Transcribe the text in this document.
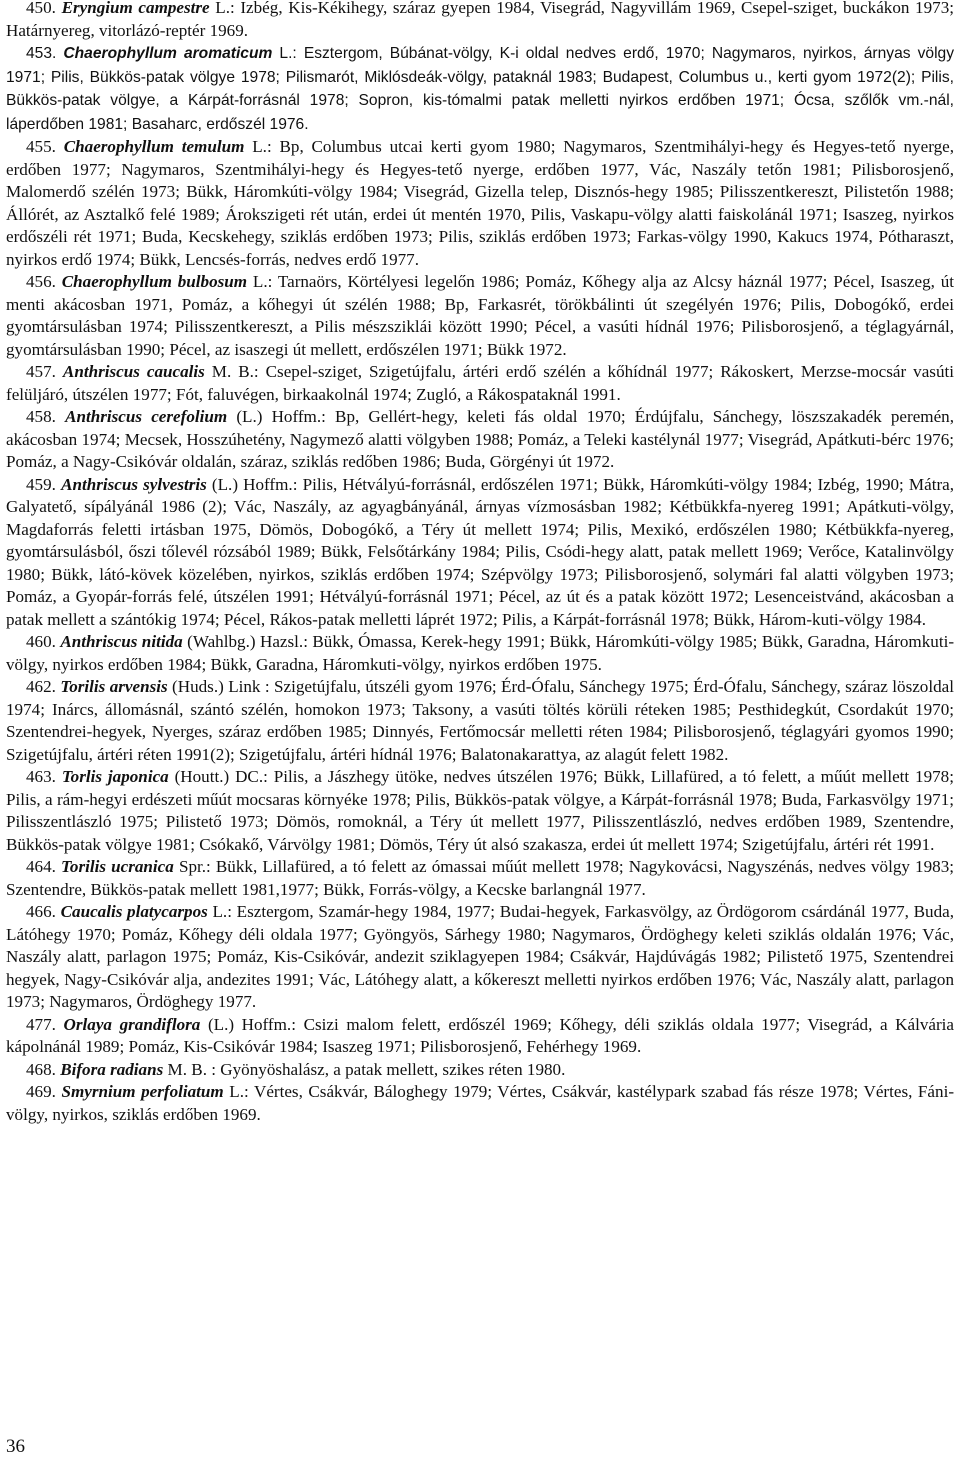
450. Eryngium campestre L.: Izbég, Kis-Kékihegy, száraz gyepen 1984, Visegrád, Nagyvillám 1969, Csepel-sziget, buckákon 1973; Határnyereg, vitorlázó-reptér 1969.

453. Chaerophyllum aromaticum L.: Esztergom, Búbánat-völgy, K-i oldal nedves erdő, 1970; Nagymaros, nyirkos, árnyas völgy 1971; Pilis, Bükkös-patak völgye 1978; Pilismarót, Miklósdeák-völgy, pataknál 1983; Budapest, Columbus u., kerti gyom 1972(2); Pilis, Bükkös-patak völgye, a Kárpát-forrásnál 1978; Sopron, kis-tómalmi patak melletti nyirkos erdőben 1971; Ócsa, szőlők vm.-nál, láperdőben 1981; Basaharc, erdőszél 1976.

455. Chaerophyllum temulum L.: Bp, Columbus utcai kerti gyom 1980; Nagymaros, Szentmihályi-hegy és Hegyes-tető nyerge, erdőben 1977; Nagymaros, Szentmihályi-hegy és Hegyes-tető nyerge, erdőben 1977, Vác, Naszály tetőn 1981; Pilisborosjenő, Malomerdő szélén 1973; Bükk, Háromkúti-völgy 1984; Visegrád, Gizella telep, Disznós-hegy 1985; Pilisszentkereszt, Pilistetőn 1988; Állórét, az Asztalkő felé 1989; Árokszigeti rét után, erdei út mentén 1970, Pilis, Vaskapu-völgy alatti faiskolánál 1971; Isaszeg, nyirkos erdőszéli rét 1971; Buda, Kecskehegy, sziklás erdőben 1973; Pilis, sziklás erdőben 1973; Farkas-völgy 1990, Kakucs 1974, Pótharaszt, nyirkos erdő 1974; Bükk, Lencsés-forrás, nedves erdő 1977.

456. Chaerophyllum bulbosum L.: Tarnaörs, Körtélyesi legelőn 1986; Pomáz, Kőhegy alja az Alcsy háznál 1977; Pécel, Isaszeg, út menti akácosban 1971, Pomáz, a kőhegyi út szélén 1988; Bp, Farkasrét, törökbálinti út szegélyén 1976; Pilis, Dobogókő, erdei gyomtársulásban 1974; Pilisszentkereszt, a Pilis mészsziklái között 1990; Pécel, a vasúti hídnál 1976; Pilisborosjenő, a téglagyárnál, gyomtársulásban 1990; Pécel, az isaszegi út mellett, erdőszélen 1971; Bükk 1972.

457. Anthriscus caucalis M. B.: Csepel-sziget, Szigetújfalu, ártéri erdő szélén a kőhídnál 1977; Rákoskert, Merzse-mocsár vasúti felüljáró, útszélen 1977; Fót, faluvégen, birkaakolnál 1974; Zugló, a Rákospataknál 1991.

458. Anthriscus cerefolium (L.) Hoffm.: Bp, Gellért-hegy, keleti fás oldal 1970; Érdújfalu, Sánchegy, löszszakadék peremén, akácosban 1974; Mecsek, Hosszúhetény, Nagymező alatti völgyben 1988; Pomáz, a Teleki kastélynál 1977; Visegrád, Apátkuti-bérc 1976; Pomáz, a Nagy-Csikóvár oldalán, száraz, sziklás redőben 1986; Buda, Görgényi út 1972.

459. Anthriscus sylvestris (L.) Hoffm.: Pilis, Hétvályú-forrásnál, erdőszélen 1971; Bükk, Háromkúti-völgy 1984; Izbég, 1990; Mátra, Galyatető, sípályánál 1986 (2); Vác, Naszály, az agyagbányánál, árnyas vízmosásban 1982; Kétbükkfa-nyereg 1991; Apátkuti-völgy, Magdaforrás feletti irtásban 1975, Dömös, Dobogókő, a Téry út mellett 1974; Pilis, Mexikó, erdőszélen 1980; Kétbükkfa-nyereg, gyomtársulásból, őszi tőlevél rózsából 1989; Bükk, Felsőtárkány 1984; Pilis, Csódi-hegy alatt, patak mellett 1969; Verőce, Katalinvölgy 1980; Bükk, látó-kövek közelében, nyirkos, sziklás erdőben 1974; Szépvölgy 1973; Pilisborosjenő, solymári fal alatti völgyben 1973; Pomáz, a Gyopár-forrás felé, útszélen 1991; Hétvályú-forrásnál 1971; Pécel, az út és a patak között 1972; Lesenceistvánd, akácosban a patak mellett a szántókig 1974; Pécel, Rákos-patak melletti láprét 1972; Pilis, a Kárpát-forrásnál 1978; Bükk, Három-kuti-völgy 1984.

460. Anthriscus nitida (Wahlbg.) Hazsl.: Bükk, Ómassa, Kerek-hegy 1991; Bükk, Háromkúti-völgy 1985; Bükk, Garadna, Háromkuti-völgy, nyirkos erdőben 1984; Bükk, Garadna, Háromkuti-völgy, nyirkos erdőben 1975.

462. Torilis arvensis (Huds.) Link : Szigetújfalu, útszéli gyom 1976; Érd-Ófalu, Sánchegy 1975; Érd-Ófalu, Sánchegy, száraz löszoldal 1974; Inárcs, állomásnál, szántó szélén, homokon 1973; Taksony, a vasúti töltés körüli réteken 1985; Pesthidegkút, Csordakút 1970; Szentendrei-hegyek, Nyerges, száraz erdőben 1985; Dinnyés, Fertőmocsár melletti réten 1984; Pilisborosjenő, téglagyári gyomos 1990; Szigetújfalu, ártéri réten 1991(2); Szigetújfalu, ártéri hídnál 1976; Balatonakarattya, az alagút felett 1982.

463. Torlis japonica (Houtt.) DC.: Pilis, a Jászhegy ütöke, nedves útszélen 1976; Bükk, Lillafüred, a tó felett, a műút mellett 1978; Pilis, a rám-hegyi erdészeti műút mocsaras környéke 1978; Pilis, Bükkös-patak völgye, a Kárpát-forrásnál 1978; Buda, Farkasvölgy 1971; Pilisszentlászló 1975; Pilistető 1973; Dömös, romoknál, a Téry út mellett 1977, Pilisszentlászló, nedves erdőben 1989, Szentendre, Bükkös-patak völgye 1981; Csókakő, Várvölgy 1981; Dömös, Téry út alsó szakasza, erdei út mellett 1974; Szigetújfalu, ártéri rét 1991.

464. Torilis ucranica Spr.: Bükk, Lillafüred, a tó felett az ómassai műút mellett 1978; Nagykovácsi, Nagyszénás, nedves völgy 1983; Szentendre, Bükkös-patak mellett 1981,1977; Bükk, Forrás-völgy, a Kecske barlangnál 1977.

466. Caucalis platycarpos L.: Esztergom, Szamár-hegy 1984, 1977; Budai-hegyek, Farkasvölgy, az Ördögorom csárdánál 1977, Buda, Látóhegy 1970; Pomáz, Kőhegy déli oldala 1977; Gyöngyös, Sárhegy 1980; Nagymaros, Ördöghegy keleti sziklás oldalán 1976; Vác, Naszály alatt, parlagon 1975; Pomáz, Kis-Csikóvár, andezit sziklagyepen 1984; Csákvár, Hajdúvágás 1982; Pilistető 1975, Szentendrei hegyek, Nagy-Csikóvár alja, andezites 1991; Vác, Látóhegy alatt, a kőkereszt melletti nyirkos erdőben 1976; Vác, Naszály alatt, parlagon 1973; Nagymaros, Ördöghegy 1977.

477. Orlaya grandiflora (L.) Hoffm.: Csizi malom felett, erdőszél 1969; Kőhegy, déli sziklás oldala 1977; Visegrád, a Kálvária kápolnánál 1989; Pomáz, Kis-Csikóvár 1984; Isaszeg 1971; Pilisborosjenő, Fehérhegy 1969.

468. Bifora radians M. B. : Gyönyöshalász, a patak mellett, szikes réten 1980.

469. Smyrnium perfoliatum L.: Vértes, Csákvár, Báloghegy 1979; Vértes, Csákvár, kastélypark szabad fás része 1978; Vértes, Fáni-völgy, nyirkos, sziklás erdőben 1969.

36
